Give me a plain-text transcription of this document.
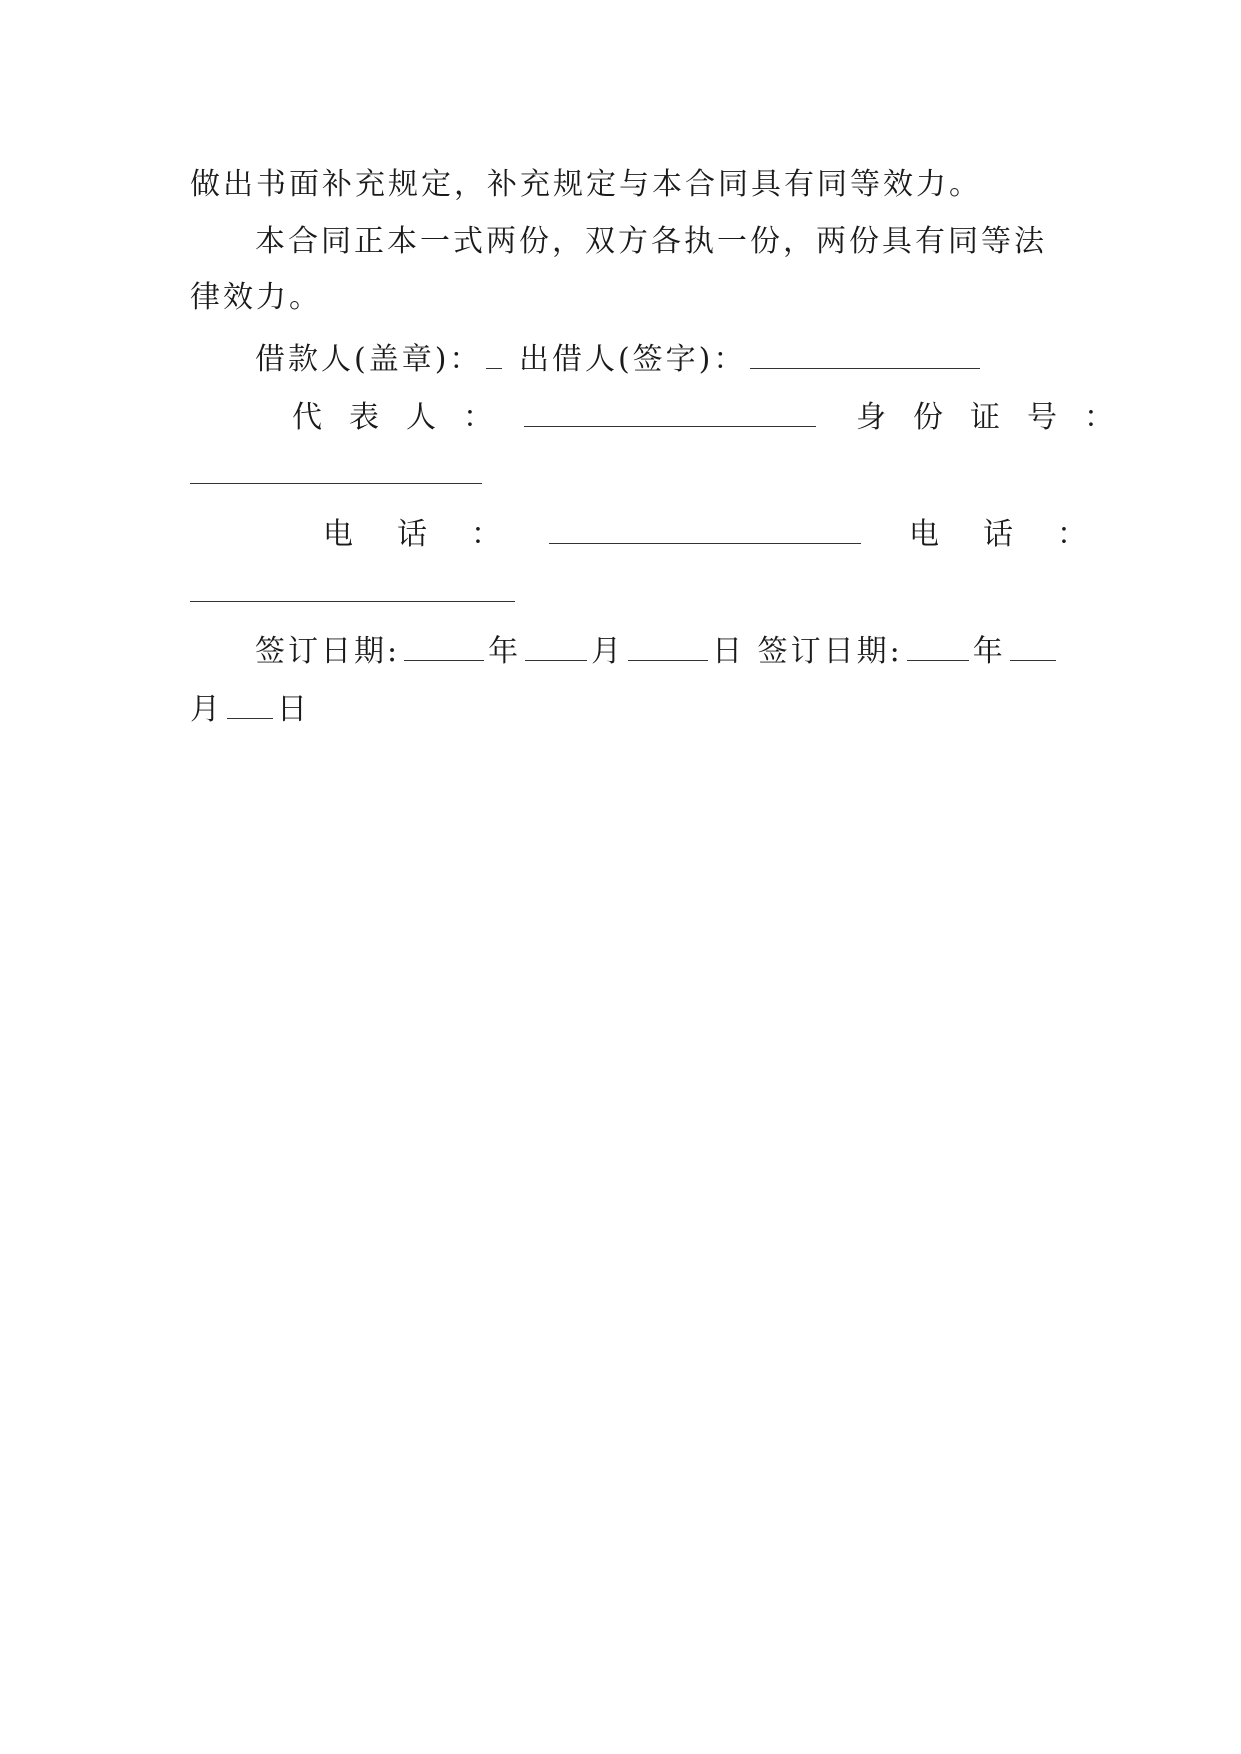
做出书面补充规定，补充规定与本合同具有同等效力。
本合同正本一式两份，双方各执一份，两份具有同等法
律效力。
借款人(盖章)： 出借人(签字)：
代表人：	身份证号：
电话：	电话：
签订日期:	年 月	日 签订日期: 年
月 日
